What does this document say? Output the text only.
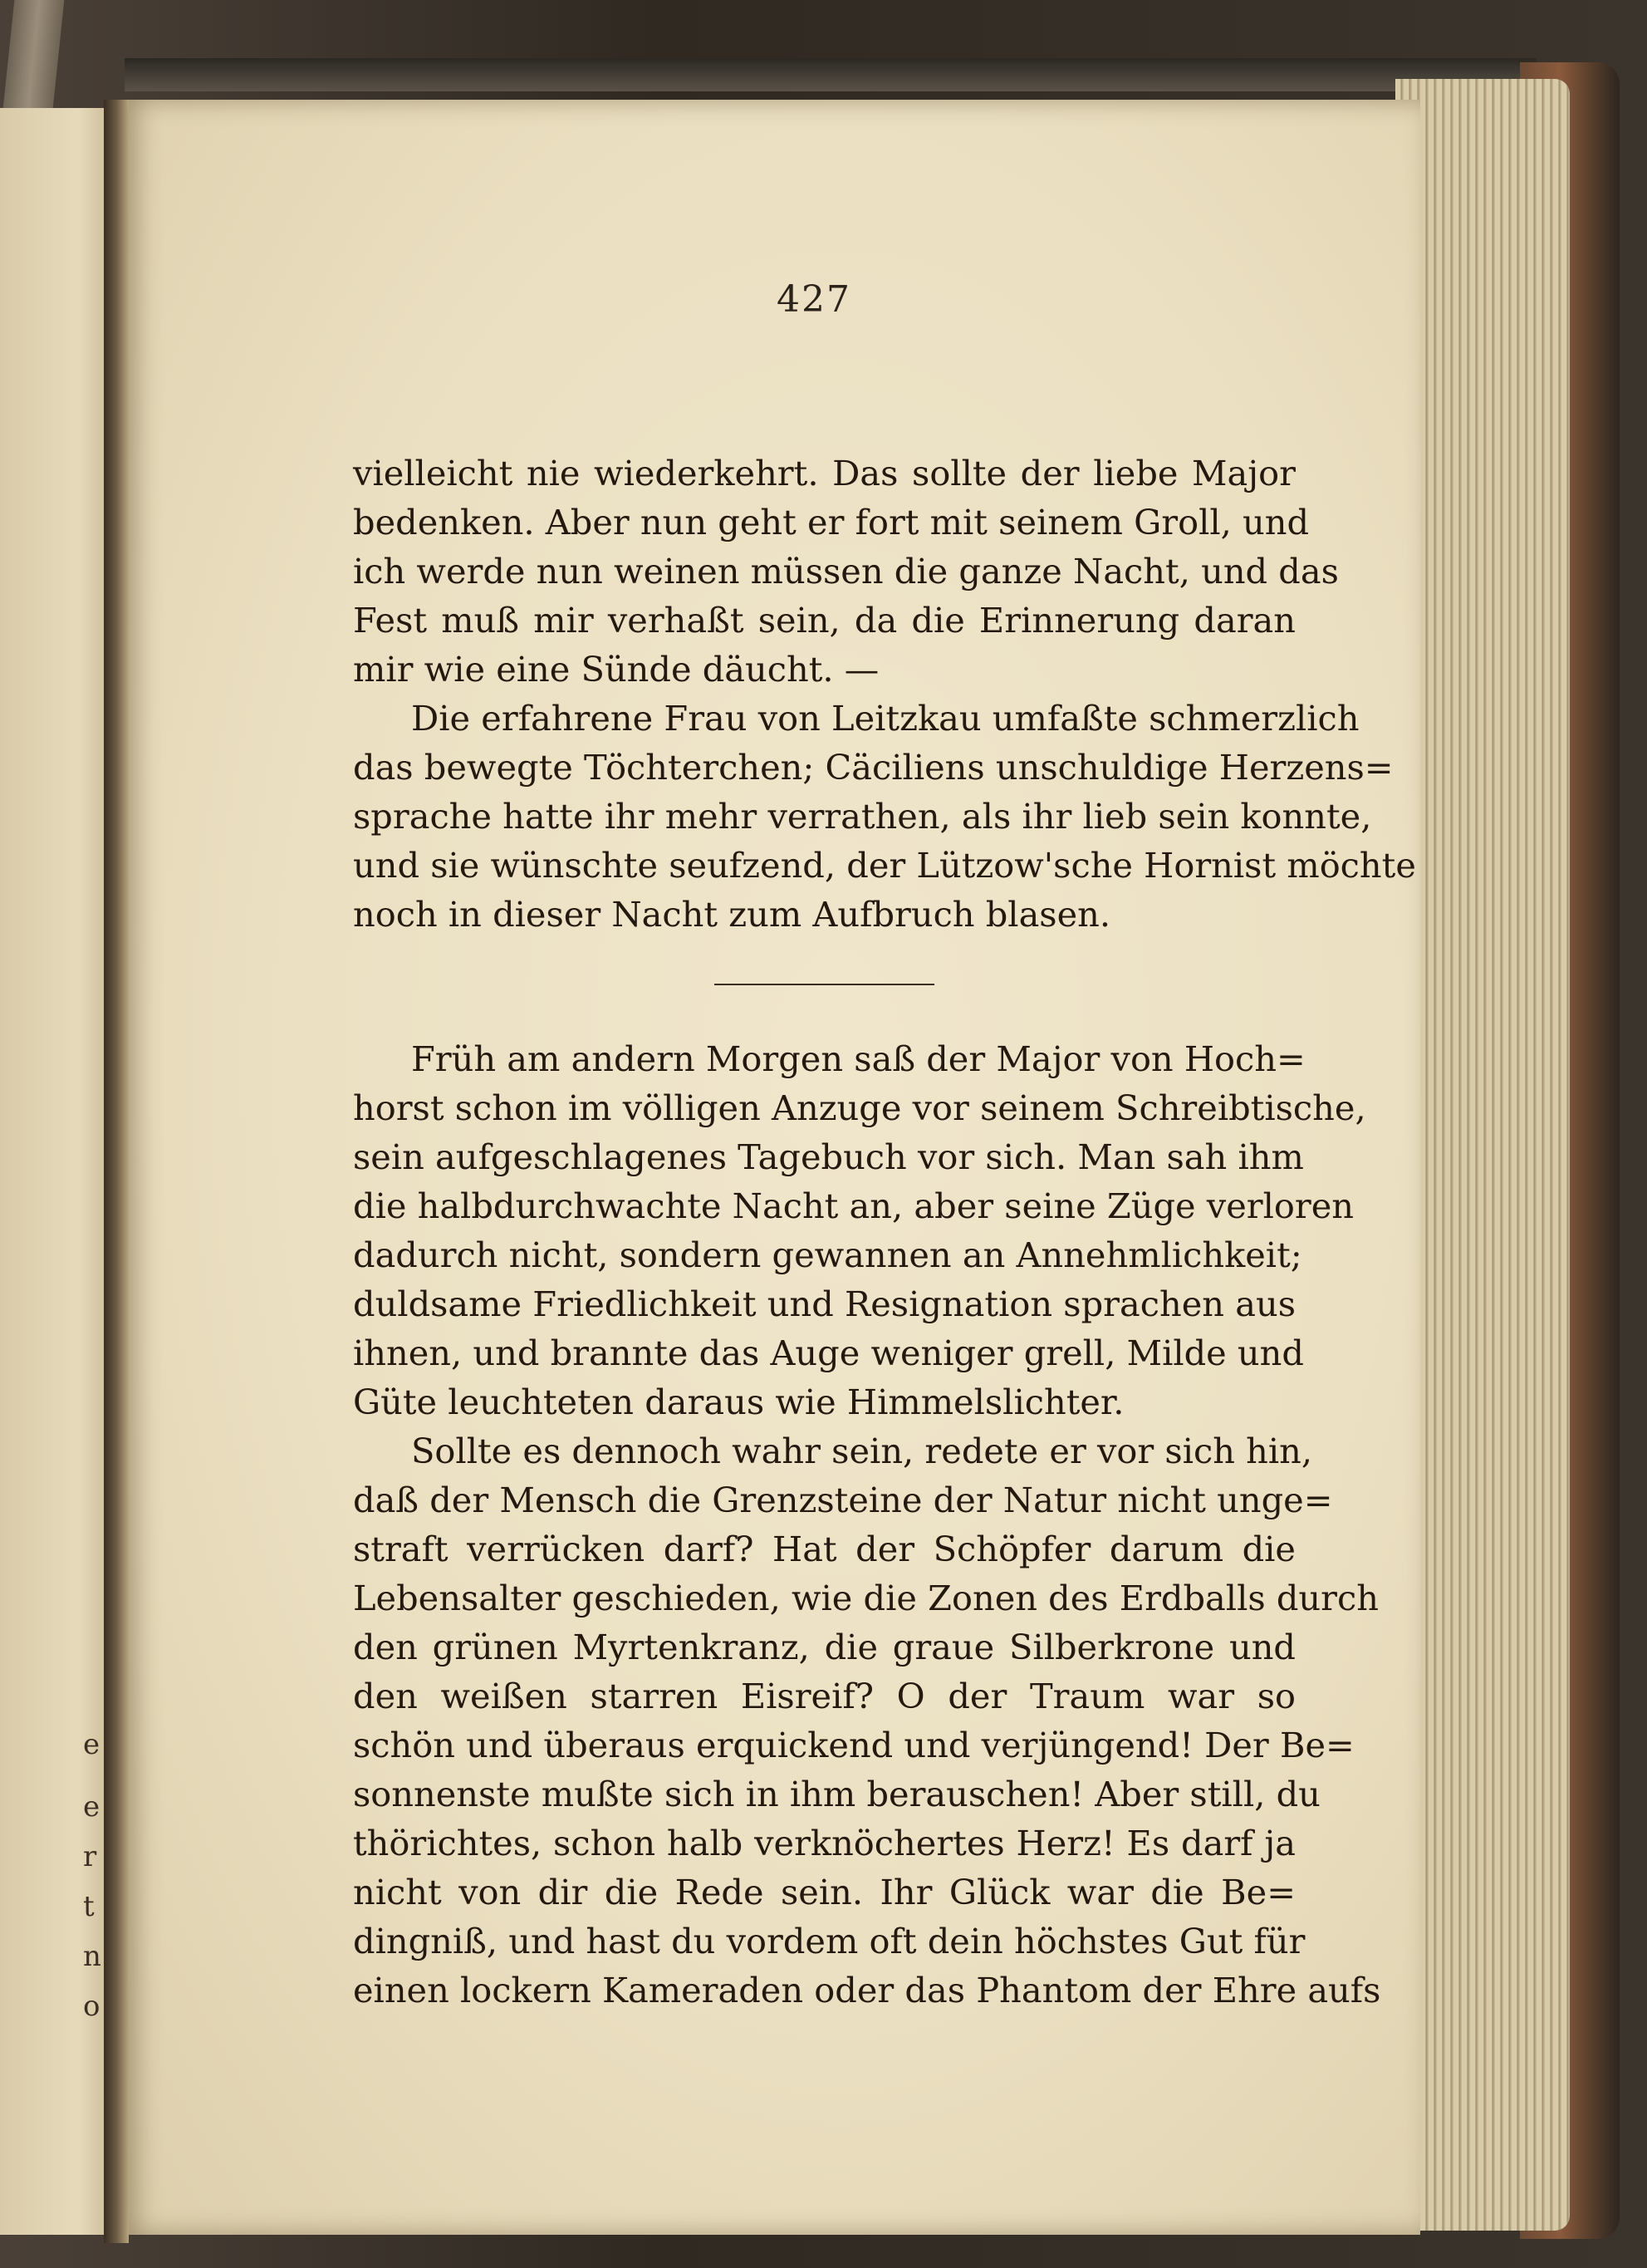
e
e
r
t
n
o
427
vielleicht nie wiederkehrt. Das sollte der liebe Major
bedenken. Aber nun geht er fort mit seinem Groll, und
ich werde nun weinen müssen die ganze Nacht, und das
Fest muß mir verhaßt sein, da die Erinnerung daran
mir wie eine Sünde däucht. —
Die erfahrene Frau von Leitzkau umfaßte schmerzlich
das bewegte Töchterchen; Cäciliens unschuldige Herzens=
sprache hatte ihr mehr verrathen, als ihr lieb sein konnte,
und sie wünschte seufzend, der Lützow'sche Hornist möchte
noch in dieser Nacht zum Aufbruch blasen.
Früh am andern Morgen saß der Major von Hoch=
horst schon im völligen Anzuge vor seinem Schreibtische,
sein aufgeschlagenes Tagebuch vor sich. Man sah ihm
die halbdurchwachte Nacht an, aber seine Züge verloren
dadurch nicht, sondern gewannen an Annehmlichkeit;
duldsame Friedlichkeit und Resignation sprachen aus
ihnen, und brannte das Auge weniger grell, Milde und
Güte leuchteten daraus wie Himmelslichter.
Sollte es dennoch wahr sein, redete er vor sich hin,
daß der Mensch die Grenzsteine der Natur nicht unge=
straft verrücken darf? Hat der Schöpfer darum die
Lebensalter geschieden, wie die Zonen des Erdballs durch
den grünen Myrtenkranz, die graue Silberkrone und
den weißen starren Eisreif? O der Traum war so
schön und überaus erquickend und verjüngend! Der Be=
sonnenste mußte sich in ihm berauschen! Aber still, du
thörichtes, schon halb verknöchertes Herz! Es darf ja
nicht von dir die Rede sein. Ihr Glück war die Be=
dingniß, und hast du vordem oft dein höchstes Gut für
einen lockern Kameraden oder das Phantom der Ehre aufs
